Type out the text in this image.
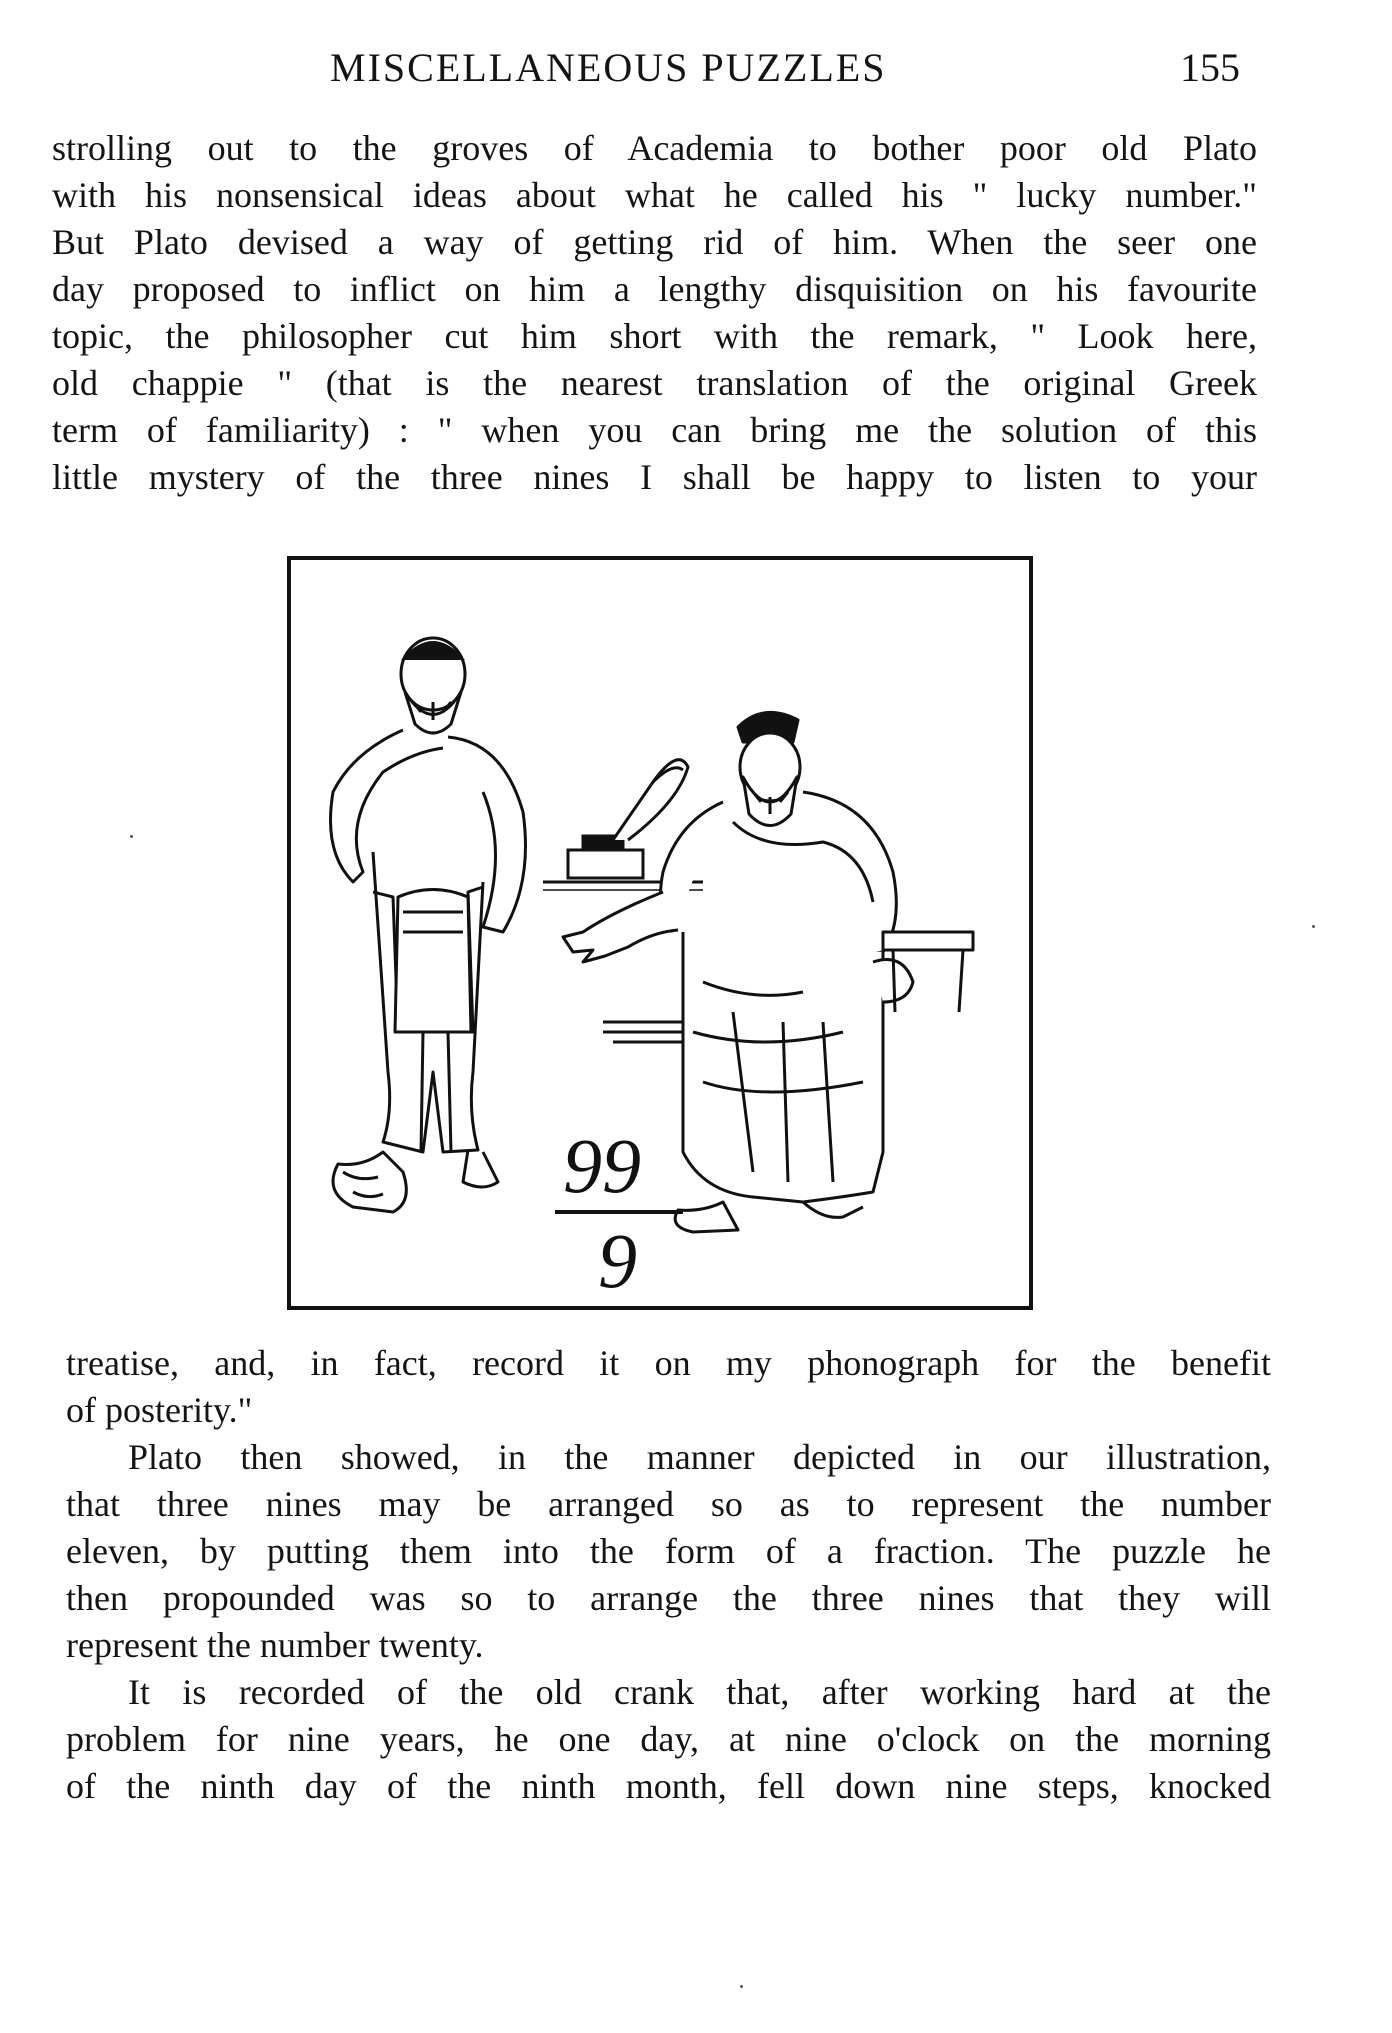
MISCELLANEOUS PUZZLES	155
strolling out to the groves of Academia to bother poor old Plato
with his nonsensical ideas about what he called his " lucky number."
But Plato devised a way of getting rid of him. When the seer one
day proposed to inflict on him a lengthy disquisition on his favourite
topic, the philosopher cut him short with the remark, " Look here,
old chappie " (that is the nearest translation of the original Greek
term of familiarity) : " when you can bring me the solution of this
little mystery of the three nines I shall be happy to listen to your
99
9
treatise, and, in fact, record it on my phonograph for the benefit
of posterity."
Plato then showed, in the manner depicted in our illustration,
that three nines may be arranged so as to represent the number
eleven, by putting them into the form of a fraction. The puzzle he
then propounded was so to arrange the three nines that they will
represent the number twenty.
It is recorded of the old crank that, after working hard at the
problem for nine years, he one day, at nine o'clock on the morning
of the ninth day of the ninth month, fell down nine steps, knocked
